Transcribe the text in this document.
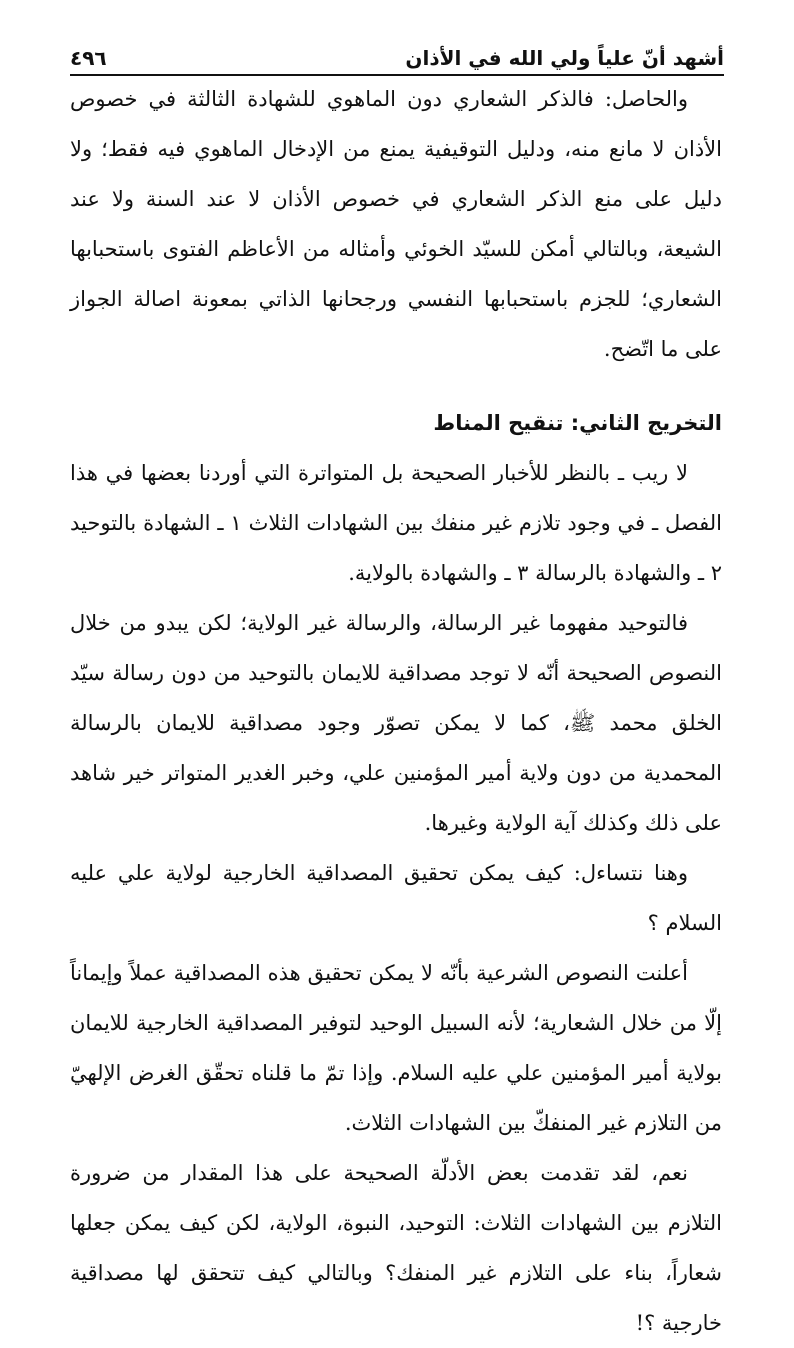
أشهد أنّ علياً ولي الله في الأذان
٤٩٦

والحاصل: فالذكر الشعاري دون الماهوي للشهادة الثالثة في خصوص الأذان لا مانع منه، ودليل التوقيفية يمنع من الإدخال الماهوي فيه فقط؛ ولا دليل على منع الذكر الشعاري في خصوص الأذان لا عند السنة ولا عند الشيعة، وبالتالي أمكن للسيّد الخوئي وأمثاله من الأعاظم الفتوى باستحبابها الشعاري؛ للجزم باستحبابها النفسي ورجحانها الذاتي بمعونة اصالة الجواز على ما اتّضح.

التخريج الثاني: تنقيح المناط

لا ريب ـ بالنظر للأخبار الصحيحة بل المتواترة التي أوردنا بعضها في هذا الفصل ـ في وجود تلازم غير منفك بين الشهادات الثلاث ١ ـ الشهادة بالتوحيد ٢ ـ والشهادة بالرسالة ٣ ـ والشهادة بالولاية.

فالتوحيد مفهوما غير الرسالة، والرسالة غير الولاية؛ لكن يبدو من خلال النصوص الصحيحة أنّه لا توجد مصداقية للايمان بالتوحيد من دون رسالة سيّد الخلق محمد ﷺ، كما لا يمكن تصوّر وجود مصداقية للايمان بالرسالة المحمدية من دون ولاية أمير المؤمنين علي، وخبر الغدير المتواتر خير شاهد على ذلك وكذلك آية الولاية وغيرها.

وهنا نتساءل: كيف يمكن تحقيق المصداقية الخارجية لولاية علي عليه السلام ؟

أعلنت النصوص الشرعية بأنّه لا يمكن تحقيق هذه المصداقية عملاً وإيماناً إلّا من خلال الشعارية؛ لأنه السبيل الوحيد لتوفير المصداقية الخارجية للايمان بولاية أمير المؤمنين علي عليه السلام. وإذا تمّ ما قلناه تحقّق الغرض الإلهيّ من التلازم غير المنفكّ بين الشهادات الثلاث.

نعم، لقد تقدمت بعض الأدلّة الصحيحة على هذا المقدار من ضرورة التلازم بين الشهادات الثلاث: التوحيد، النبوة، الولاية، لكن كيف يمكن جعلها شعاراً، بناء على التلازم غير المنفك؟ وبالتالي كيف تتحقق لها مصداقية خارجية ؟!
